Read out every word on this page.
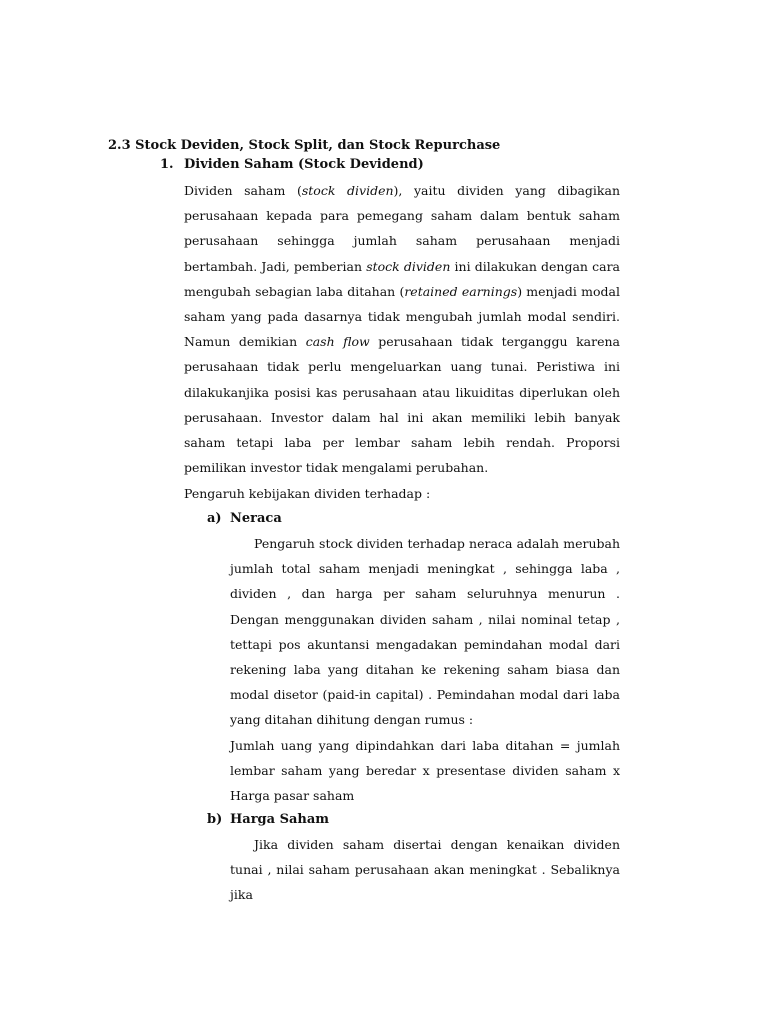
2.3 Stock Deviden, Stock Split, dan Stock Repurchase
1. Dividen Saham (Stock Devidend)
Dividen saham (stock dividen), yaitu dividen yang dibagikan perusahaan kepada para pemegang saham dalam bentuk saham perusahaan sehingga jumlah saham perusahaan menjadi bertambah. Jadi, pemberian stock dividen ini dilakukan dengan cara mengubah sebagian laba ditahan (retained earnings) menjadi modal saham yang pada dasarnya tidak mengubah jumlah modal sendiri. Namun demikian cash flow perusahaan tidak terganggu karena perusahaan tidak perlu mengeluarkan uang tunai. Peristiwa ini dilakukanjika posisi kas perusahaan atau likuiditas diperlukan oleh perusahaan. Investor dalam hal ini akan memiliki lebih banyak saham tetapi laba per lembar saham lebih rendah. Proporsi pemilikan investor tidak mengalami perubahan.
Pengaruh kebijakan dividen terhadap :
a) Neraca
Pengaruh stock dividen terhadap neraca adalah merubah jumlah total saham menjadi meningkat , sehingga laba , dividen , dan harga per saham seluruhnya menurun . Dengan menggunakan dividen saham , nilai nominal tetap , tettapi pos akuntansi mengadakan pemindahan modal dari rekening laba yang ditahan ke rekening saham biasa dan modal disetor (paid-in capital) . Pemindahan modal dari laba yang ditahan dihitung dengan rumus :
Jumlah uang yang dipindahkan dari laba ditahan = jumlah lembar saham yang beredar x presentase dividen saham x Harga pasar saham
b) Harga Saham
Jika dividen saham disertai dengan kenaikan dividen tunai , nilai saham perusahaan akan meningkat . Sebaliknya jika
